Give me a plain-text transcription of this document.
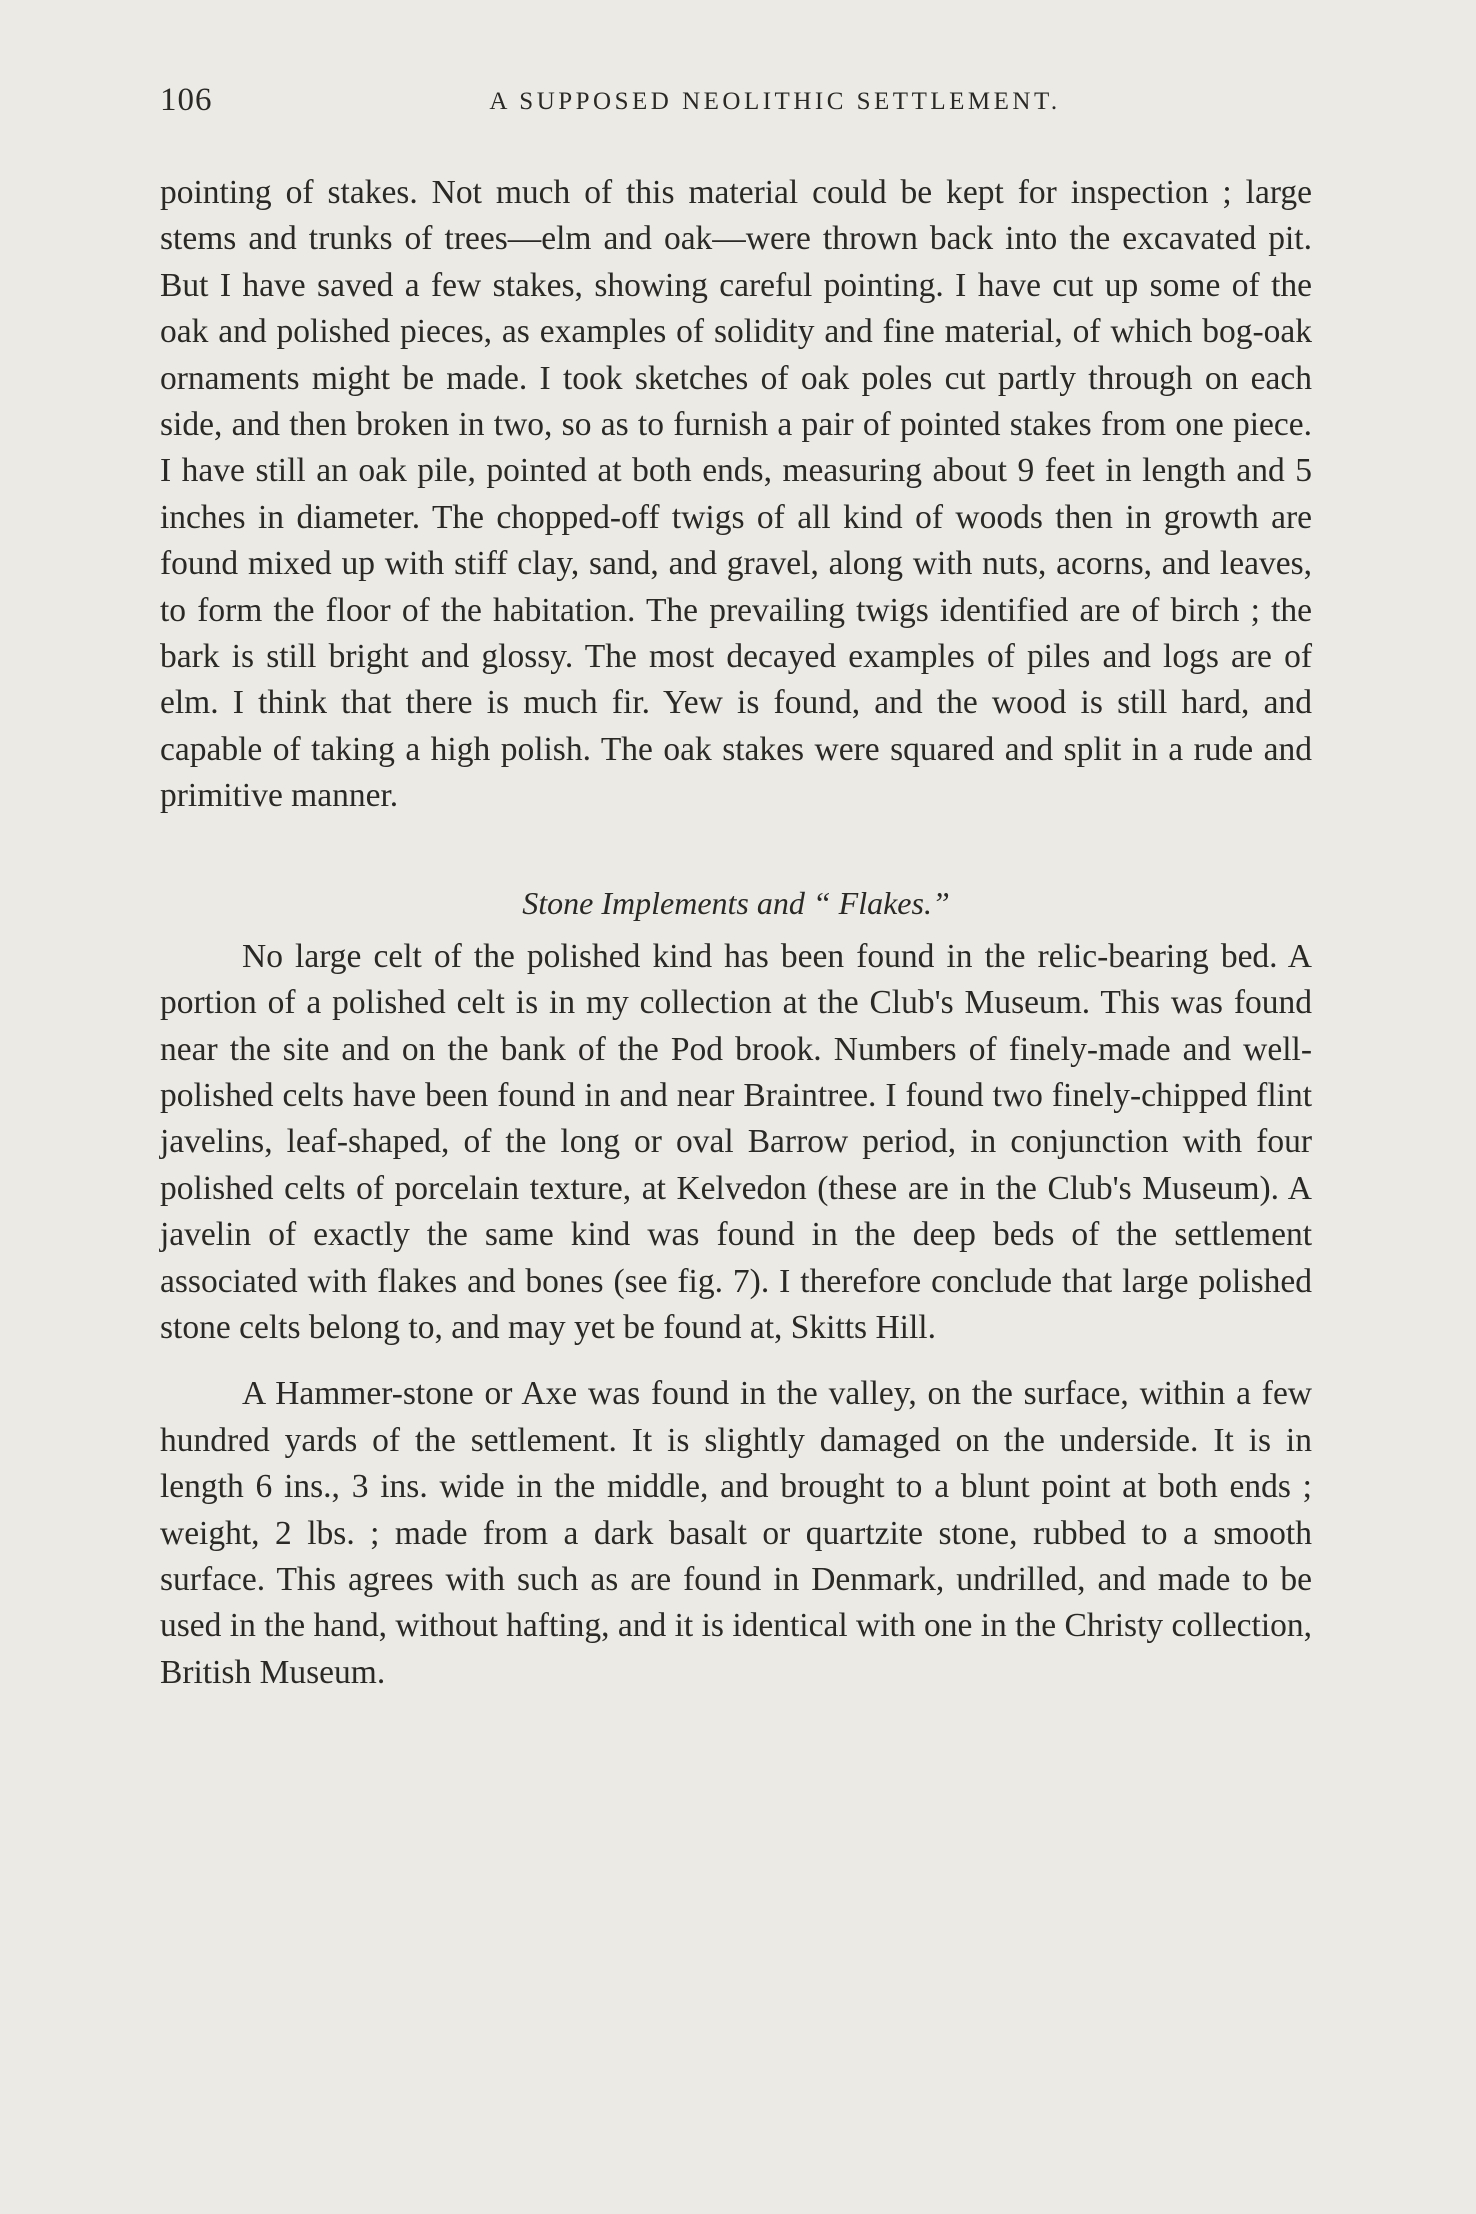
106	A SUPPOSED NEOLITHIC SETTLEMENT.

pointing of stakes. Not much of this material could be kept for inspection ; large stems and trunks of trees—elm and oak—were thrown back into the excavated pit. But I have saved a few stakes, showing careful pointing. I have cut up some of the oak and polished pieces, as examples of solidity and fine material, of which bog-oak ornaments might be made. I took sketches of oak poles cut partly through on each side, and then broken in two, so as to furnish a pair of pointed stakes from one piece. I have still an oak pile, pointed at both ends, measuring about 9 feet in length and 5 inches in diameter. The chopped-off twigs of all kind of woods then in growth are found mixed up with stiff clay, sand, and gravel, along with nuts, acorns, and leaves, to form the floor of the habitation. The prevailing twigs identified are of birch ; the bark is still bright and glossy. The most decayed examples of piles and logs are of elm. I think that there is much fir. Yew is found, and the wood is still hard, and capable of taking a high polish. The oak stakes were squared and split in a rude and primitive manner.

Stone Implements and “ Flakes.”

No large celt of the polished kind has been found in the relic-bearing bed. A portion of a polished celt is in my collection at the Club's Museum. This was found near the site and on the bank of the Pod brook. Numbers of finely-made and well-polished celts have been found in and near Braintree. I found two finely-chipped flint javelins, leaf-shaped, of the long or oval Barrow period, in conjunction with four polished celts of porcelain texture, at Kelvedon (these are in the Club's Museum). A javelin of exactly the same kind was found in the deep beds of the settlement associated with flakes and bones (see fig. 7). I therefore conclude that large polished stone celts belong to, and may yet be found at, Skitts Hill.

A Hammer-stone or Axe was found in the valley, on the surface, within a few hundred yards of the settlement. It is slightly damaged on the underside. It is in length 6 ins., 3 ins. wide in the middle, and brought to a blunt point at both ends ; weight, 2 lbs. ; made from a dark basalt or quartzite stone, rubbed to a smooth surface. This agrees with such as are found in Denmark, undrilled, and made to be used in the hand, without hafting, and it is identical with one in the Christy collection, British Museum.
